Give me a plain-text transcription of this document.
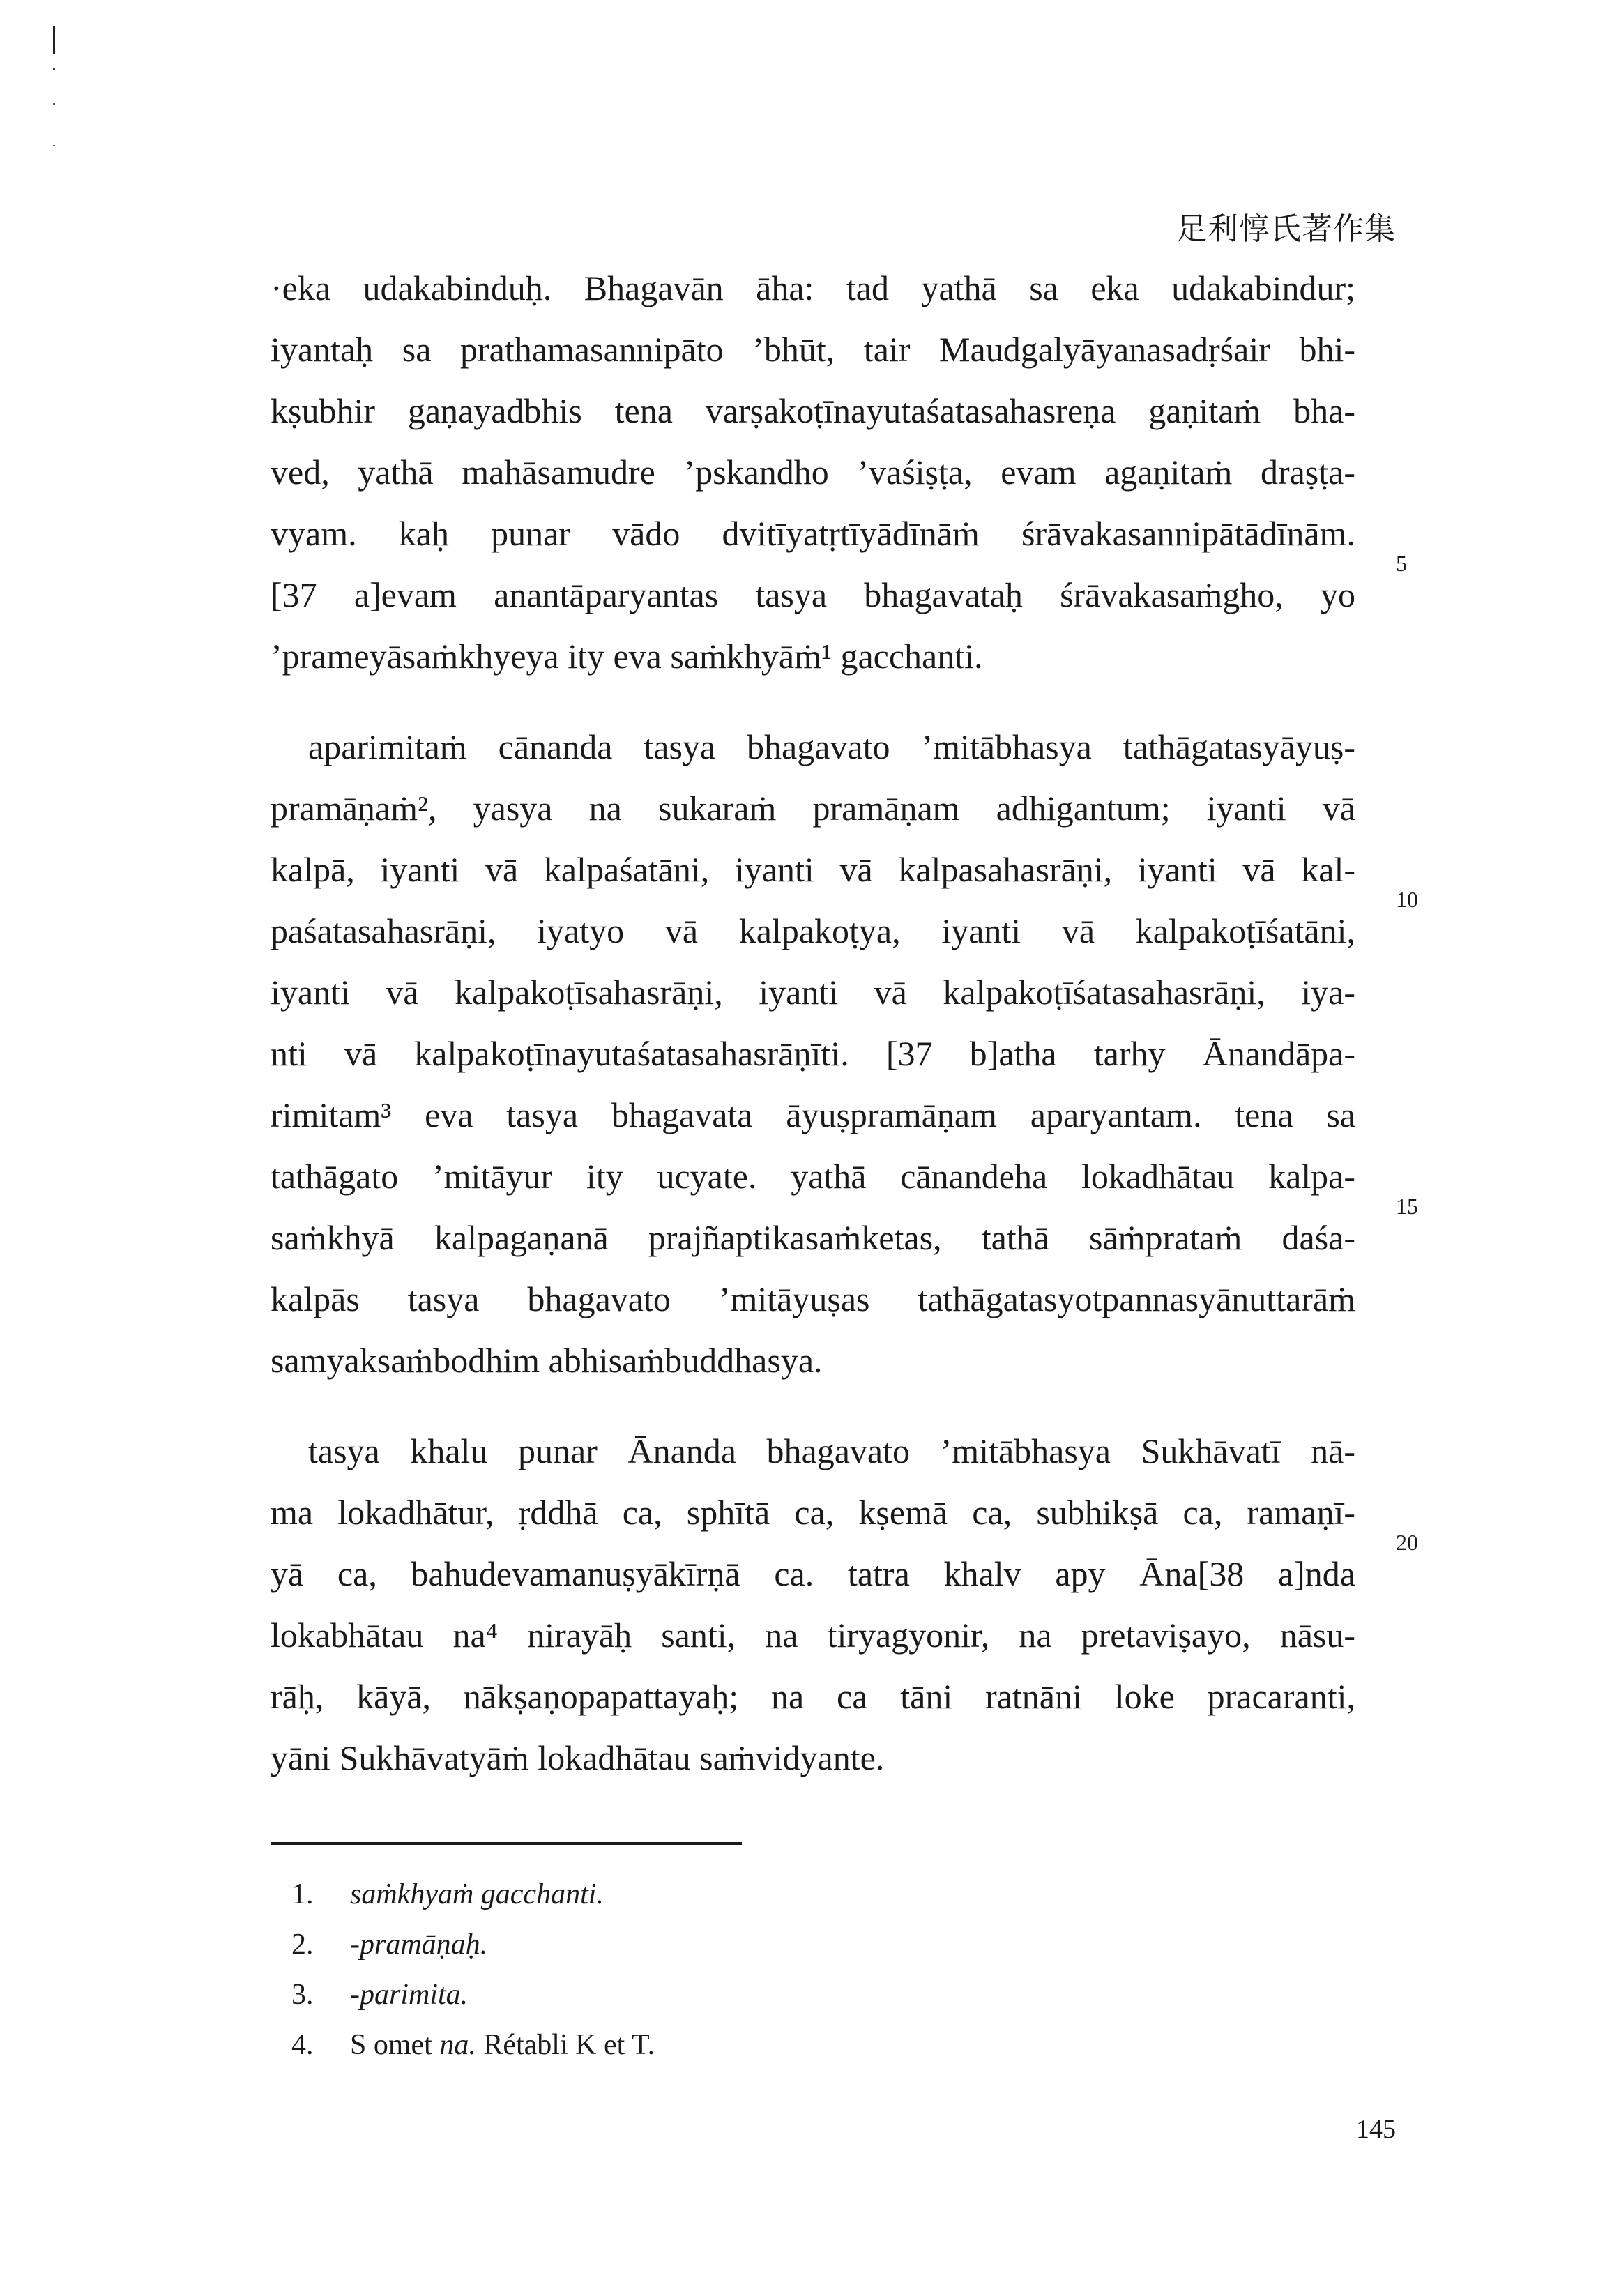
足利惇氏著作集
·eka udakabinduḥ. Bhagavān āha: tad yathā sa eka udakabindur;
iyantaḥ sa prathamasannipāto ’bhūt, tair Maudgalyāyanasadṛśair bhi-
kṣubhir gaṇayadbhis tena varṣakoṭīnayutaśatasahasreṇa gaṇitaṁ bha-
ved, yathā mahāsamudre ’pskandho ’vaśiṣṭa, evam agaṇitaṁ draṣṭa-
vyam. kaḥ punar vādo dvitīyatṛtīyādīnāṁ śrāvakasannipātādīnām.
[37 a]evam anantāparyantas tasya bhagavataḥ śrāvakasaṁgho, yo
’prameyāsaṁkhyeya ity eva saṁkhyāṁ¹ gacchanti.
aparimitaṁ cānanda tasya bhagavato ’mitābhasya tathāgatasyāyuṣ-
pramāṇaṁ², yasya na sukaraṁ pramāṇam adhigantum; iyanti vā
kalpā, iyanti vā kalpaśatāni, iyanti vā kalpasahasrāṇi, iyanti vā kal-
paśatasahasrāṇi, iyatyo vā kalpakoṭya, iyanti vā kalpakoṭīśatāni,
iyanti vā kalpakoṭīsahasrāṇi, iyanti vā kalpakoṭīśatasahasrāṇi, iya-
nti vā kalpakoṭīnayutaśatasahasrāṇīti. [37 b]atha tarhy Ānandāpa-
rimitam³ eva tasya bhagavata āyuṣpramāṇam aparyantam. tena sa
tathāgato ’mitāyur ity ucyate. yathā cānandeha lokadhātau kalpa-
saṁkhyā kalpagaṇanā prajñaptikasaṁketas, tathā sāṁprataṁ daśa-
kalpās tasya bhagavato ’mitāyuṣas tathāgatasyotpannasyānuttarāṁ
samyaksaṁbodhim abhisaṁbuddhasya.
tasya khalu punar Ānanda bhagavato ’mitābhasya Sukhāvatī nā-
ma lokadhātur, ṛddhā ca, sphītā ca, kṣemā ca, subhikṣā ca, ramaṇī-
yā ca, bahudevamanuṣyākīrṇā ca. tatra khalv apy Āna[38 a]nda
lokabhātau na⁴ nirayāḥ santi, na tiryagyonir, na pretaviṣayo, nāsu-
rāḥ, kāyā, nākṣaṇopapattayaḥ; na ca tāni ratnāni loke pracaranti,
yāni Sukhāvatyāṁ lokadhātau saṁvidyante.
5
10
15
20
1. saṁkhyaṁ gacchanti.
2. -pramāṇaḥ.
3. -parimita.
4. S omet na. Rétabli K et T.
145
